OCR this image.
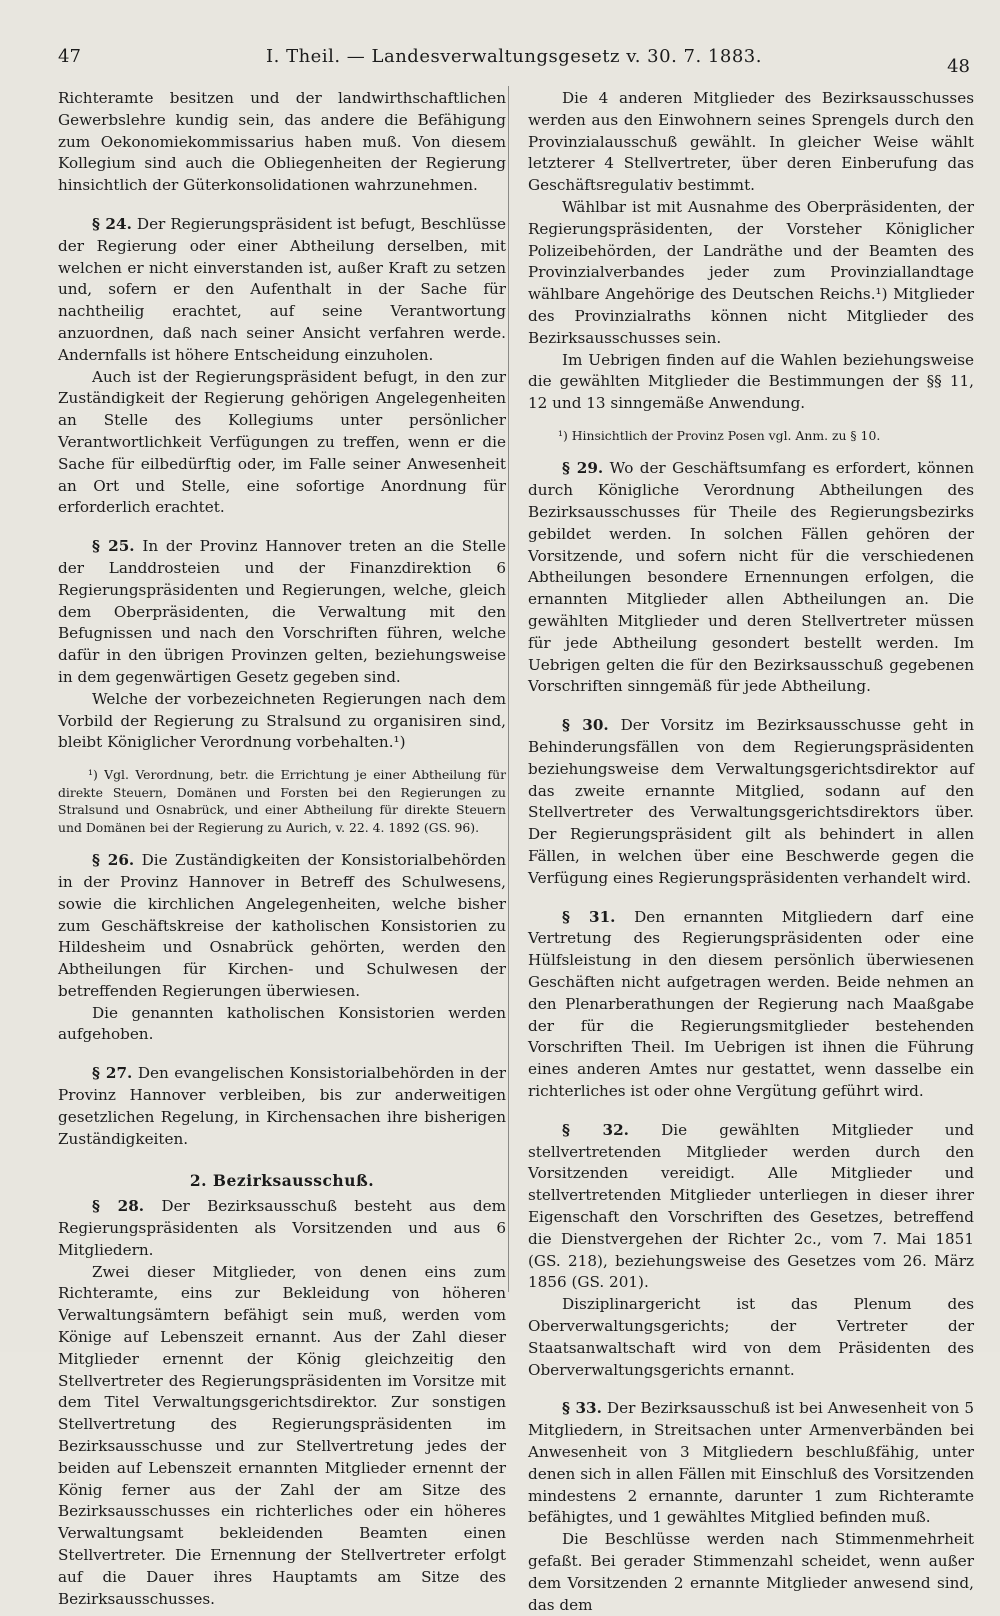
47	I. Theil. — Landesverwaltungsgesetz v. 30. 7. 1883.	48

Richteramte besitzen und der landwirthschaftlichen Gewerbslehre kundig sein, das andere die Befähigung zum Oekonomiekommissarius haben muß. Von diesem Kollegium sind auch die Obliegenheiten der Regierung hinsichtlich der Güterkonsolidationen wahrzunehmen.

§ 24. Der Regierungspräsident ist befugt, Beschlüsse der Regierung oder einer Abtheilung derselben, mit welchen er nicht einverstanden ist, außer Kraft zu setzen und, sofern er den Aufenthalt in der Sache für nachtheilig erachtet, auf seine Verantwortung anzuordnen, daß nach seiner Ansicht verfahren werde. Andernfalls ist höhere Entscheidung einzuholen.

Auch ist der Regierungspräsident befugt, in den zur Zuständigkeit der Regierung gehörigen Angelegenheiten an Stelle des Kollegiums unter persönlicher Verantwortlichkeit Verfügungen zu treffen, wenn er die Sache für eilbedürftig oder, im Falle seiner Anwesenheit an Ort und Stelle, eine sofortige Anordnung für erforderlich erachtet.

§ 25. In der Provinz Hannover treten an die Stelle der Landdrosteien und der Finanzdirektion 6 Regierungspräsidenten und Regierungen, welche, gleich dem Oberpräsidenten, die Verwaltung mit den Befugnissen und nach den Vorschriften führen, welche dafür in den übrigen Provinzen gelten, beziehungsweise in dem gegenwärtigen Gesetz gegeben sind.

Welche der vorbezeichneten Regierungen nach dem Vorbild der Regierung zu Stralsund zu organisiren sind, bleibt Königlicher Verordnung vorbehalten.¹)

¹) Vgl. Verordnung, betr. die Errichtung je einer Abtheilung für direkte Steuern, Domänen und Forsten bei den Regierungen zu Stralsund und Osnabrück, und einer Abtheilung für direkte Steuern und Domänen bei der Regierung zu Aurich, v. 22. 4. 1892 (GS. 96).

§ 26. Die Zuständigkeiten der Konsistorialbehörden in der Provinz Hannover in Betreff des Schulwesens, sowie die kirchlichen Angelegenheiten, welche bisher zum Geschäftskreise der katholischen Konsistorien zu Hildesheim und Osnabrück gehörten, werden den Abtheilungen für Kirchen- und Schulwesen der betreffenden Regierungen überwiesen.

Die genannten katholischen Konsistorien werden aufgehoben.

§ 27. Den evangelischen Konsistorialbehörden in der Provinz Hannover verbleiben, bis zur anderweitigen gesetzlichen Regelung, in Kirchensachen ihre bisherigen Zuständigkeiten.

2. Bezirksausschuß.

§ 28. Der Bezirksausschuß besteht aus dem Regierungspräsidenten als Vorsitzenden und aus 6 Mitgliedern.

Zwei dieser Mitglieder, von denen eins zum Richteramte, eins zur Bekleidung von höheren Verwaltungsämtern befähigt sein muß, werden vom Könige auf Lebenszeit ernannt. Aus der Zahl dieser Mitglieder ernennt der König gleichzeitig den Stellvertreter des Regierungspräsidenten im Vorsitze mit dem Titel Verwaltungsgerichtsdirektor. Zur sonstigen Stellvertretung des Regierungspräsidenten im Bezirksausschusse und zur Stellvertretung jedes der beiden auf Lebenszeit ernannten Mitglieder ernennt der König ferner aus der Zahl der am Sitze des Bezirksausschusses ein richterliches oder ein höheres Verwaltungsamt bekleidenden Beamten einen Stellvertreter. Die Ernennung der Stellvertreter erfolgt auf die Dauer ihres Hauptamts am Sitze des Bezirksausschusses.

Die 4 anderen Mitglieder des Bezirksausschusses werden aus den Einwohnern seines Sprengels durch den Provinzialausschuß gewählt. In gleicher Weise wählt letzterer 4 Stellvertreter, über deren Einberufung das Geschäftsregulativ bestimmt.

Wählbar ist mit Ausnahme des Oberpräsidenten, der Regierungspräsidenten, der Vorsteher Königlicher Polizeibehörden, der Landräthe und der Beamten des Provinzialverbandes jeder zum Provinziallandtage wählbare Angehörige des Deutschen Reichs.¹) Mitglieder des Provinzialraths können nicht Mitglieder des Bezirksausschusses sein.

Im Uebrigen finden auf die Wahlen beziehungsweise die gewählten Mitglieder die Bestimmungen der §§ 11, 12 und 13 sinngemäße Anwendung.

¹) Hinsichtlich der Provinz Posen vgl. Anm. zu § 10.

§ 29. Wo der Geschäftsumfang es erfordert, können durch Königliche Verordnung Abtheilungen des Bezirksausschusses für Theile des Regierungsbezirks gebildet werden. In solchen Fällen gehören der Vorsitzende, und sofern nicht für die verschiedenen Abtheilungen besondere Ernennungen erfolgen, die ernannten Mitglieder allen Abtheilungen an. Die gewählten Mitglieder und deren Stellvertreter müssen für jede Abtheilung gesondert bestellt werden. Im Uebrigen gelten die für den Bezirksausschuß gegebenen Vorschriften sinngemäß für jede Abtheilung.

§ 30. Der Vorsitz im Bezirksausschusse geht in Behinderungsfällen von dem Regierungspräsidenten beziehungsweise dem Verwaltungsgerichtsdirektor auf das zweite ernannte Mitglied, sodann auf den Stellvertreter des Verwaltungsgerichtsdirektors über. Der Regierungspräsident gilt als behindert in allen Fällen, in welchen über eine Beschwerde gegen die Verfügung eines Regierungspräsidenten verhandelt wird.

§ 31. Den ernannten Mitgliedern darf eine Vertretung des Regierungspräsidenten oder eine Hülfsleistung in den diesem persönlich überwiesenen Geschäften nicht aufgetragen werden. Beide nehmen an den Plenarberathungen der Regierung nach Maaßgabe der für die Regierungsmitglieder bestehenden Vorschriften Theil. Im Uebrigen ist ihnen die Führung eines anderen Amtes nur gestattet, wenn dasselbe ein richterliches ist oder ohne Vergütung geführt wird.

§ 32. Die gewählten Mitglieder und stellvertretenden Mitglieder werden durch den Vorsitzenden vereidigt. Alle Mitglieder und stellvertretenden Mitglieder unterliegen in dieser ihrer Eigenschaft den Vorschriften des Gesetzes, betreffend die Dienstvergehen der Richter 2c., vom 7. Mai 1851 (GS. 218), beziehungsweise des Gesetzes vom 26. März 1856 (GS. 201).

Disziplinargericht ist das Plenum des Oberverwaltungsgerichts; der Vertreter der Staatsanwaltschaft wird von dem Präsidenten des Oberverwaltungsgerichts ernannt.

§ 33. Der Bezirksausschuß ist bei Anwesenheit von 5 Mitgliedern, in Streitsachen unter Armenverbänden bei Anwesenheit von 3 Mitgliedern beschlußfähig, unter denen sich in allen Fällen mit Einschluß des Vorsitzenden mindestens 2 ernannte, darunter 1 zum Richteramte befähigtes, und 1 gewähltes Mitglied befinden muß.

Die Beschlüsse werden nach Stimmenmehrheit gefaßt. Bei gerader Stimmenzahl scheidet, wenn außer dem Vorsitzenden 2 ernannte Mitglieder anwesend sind, das dem
